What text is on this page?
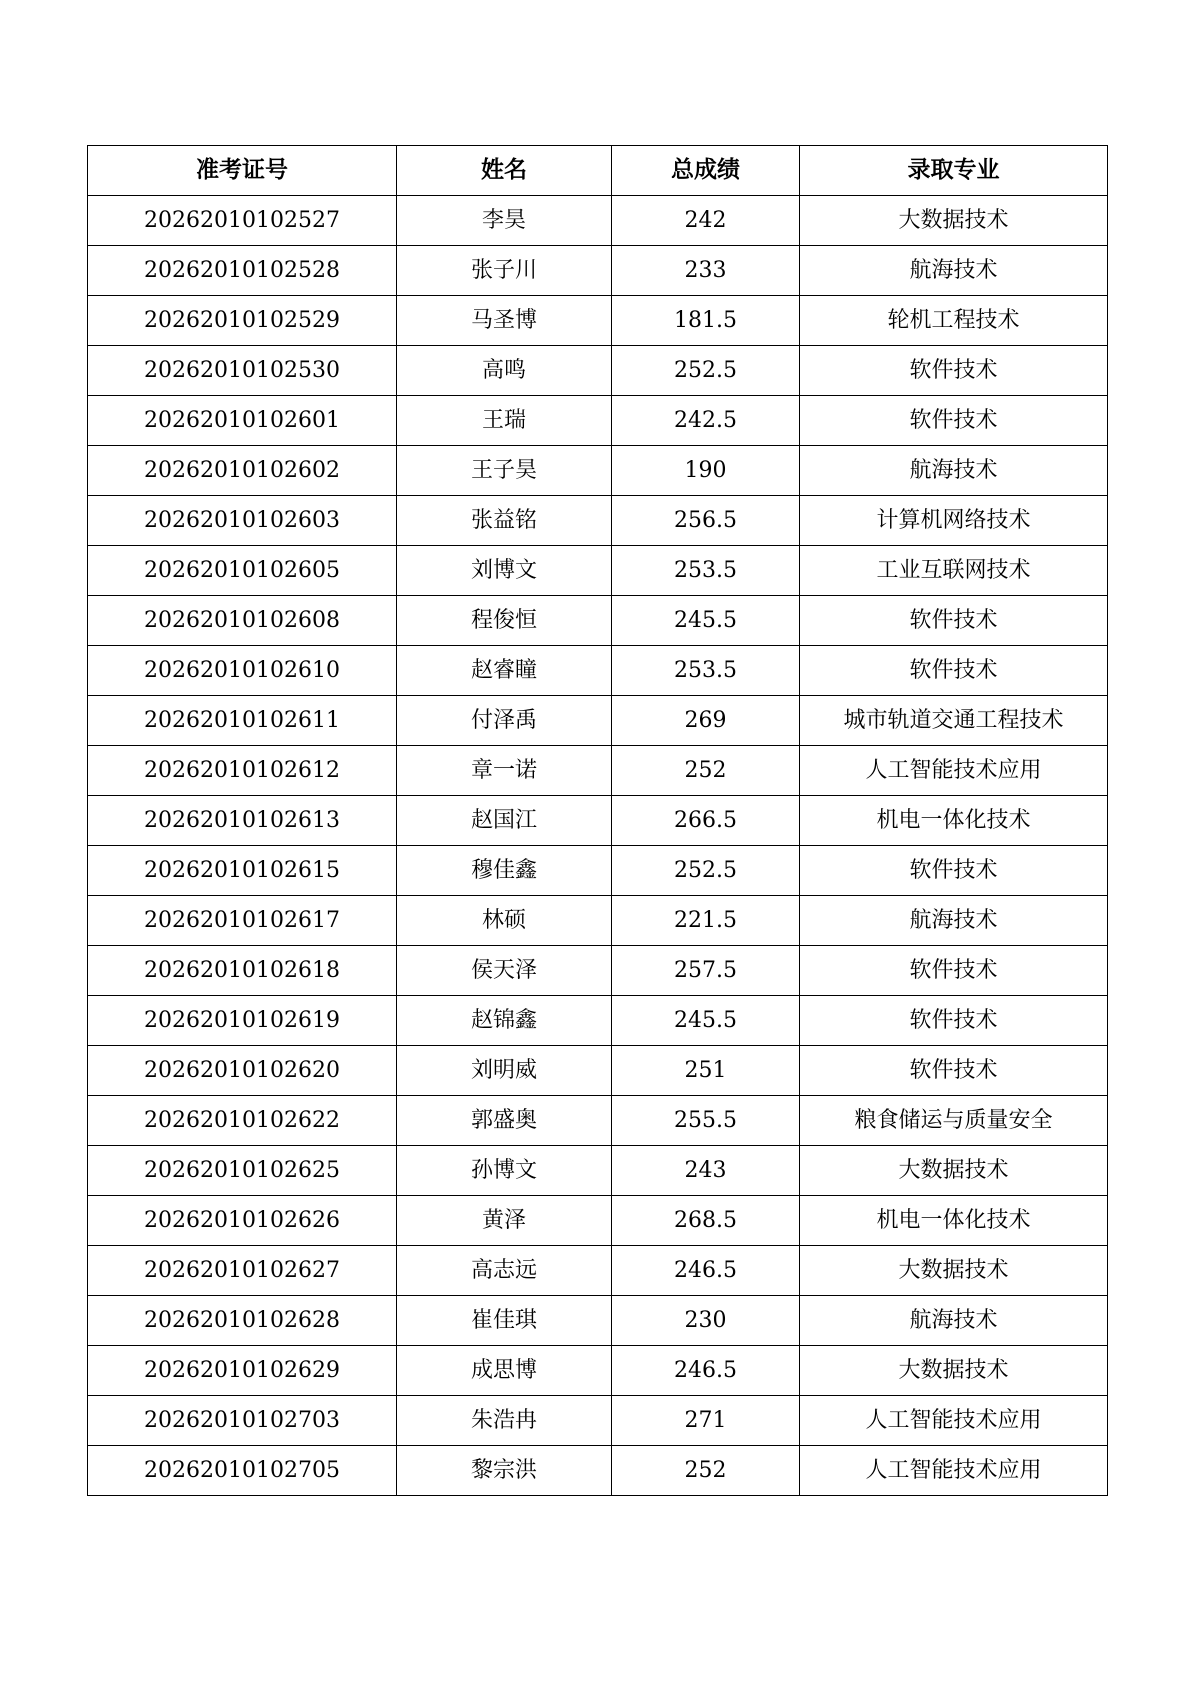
准考证号	姓名	总成绩	录取专业
20262010102527	李昊	242	大数据技术
20262010102528	张子川	233	航海技术
20262010102529	马圣博	181.5	轮机工程技术
20262010102530	高鸣	252.5	软件技术
20262010102601	王瑞	242.5	软件技术
20262010102602	王子昊	190	航海技术
20262010102603	张益铭	256.5	计算机网络技术
20262010102605	刘博文	253.5	工业互联网技术
20262010102608	程俊恒	245.5	软件技术
20262010102610	赵睿瞳	253.5	软件技术
20262010102611	付泽禹	269	城市轨道交通工程技术
20262010102612	章一诺	252	人工智能技术应用
20262010102613	赵国江	266.5	机电一体化技术
20262010102615	穆佳鑫	252.5	软件技术
20262010102617	林硕	221.5	航海技术
20262010102618	侯天泽	257.5	软件技术
20262010102619	赵锦鑫	245.5	软件技术
20262010102620	刘明威	251	软件技术
20262010102622	郭盛奥	255.5	粮食储运与质量安全
20262010102625	孙博文	243	大数据技术
20262010102626	黄泽	268.5	机电一体化技术
20262010102627	高志远	246.5	大数据技术
20262010102628	崔佳琪	230	航海技术
20262010102629	成思博	246.5	大数据技术
20262010102703	朱浩冉	271	人工智能技术应用
20262010102705	黎宗洪	252	人工智能技术应用
